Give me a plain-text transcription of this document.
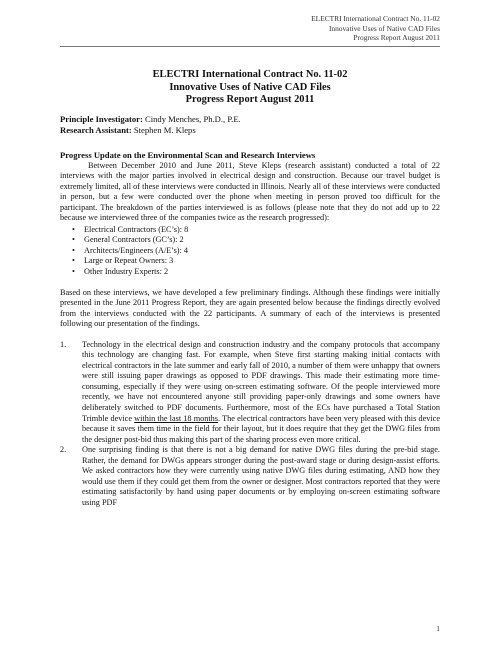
ELECTRI International Contract No. 11-02
Innovative Uses of Native CAD Files
Progress Report August 2011
ELECTRI International Contract No. 11-02
Innovative Uses of Native CAD Files
Progress Report August 2011
Principle Investigator: Cindy Menches, Ph.D., P.E.
Research Assistant: Stephen M. Kleps

Progress Update on the Environmental Scan and Research Interviews

Between December 2010 and June 2011, Steve Kleps (research assistant) conducted a total of 22 interviews with the major parties involved in electrical design and construction. Because our travel budget is extremely limited, all of these interviews were conducted in Illinois. Nearly all of these interviews were conducted in person, but a few were conducted over the phone when meeting in person proved too difficult for the participant. The breakdown of the parties interviewed is as follows (please note that they do not add up to 22 because we interviewed three of the companies twice as the research progressed):

• Electrical Contractors (EC’s): 8
• General Contractors (GC’s): 2
• Architects/Engineers (A/E’s): 4
• Large or Repeat Owners: 3
• Other Industry Experts: 2

Based on these interviews, we have developed a few preliminary findings. Although these findings were initially presented in the June 2011 Progress Report, they are again presented below because the findings directly evolved from the interviews conducted with the 22 participants. A summary of each of the interviews is presented following our presentation of the findings.

1. Technology in the electrical design and construction industry and the company protocols that accompany this technology are changing fast. For example, when Steve first starting making initial contacts with electrical contractors in the late summer and early fall of 2010, a number of them were unhappy that owners were still issuing paper drawings as opposed to PDF drawings. This made their estimating more time-consuming, especially if they were using on-screen estimating software. Of the people interviewed more recently, we have not encountered anyone still providing paper-only drawings and some owners have deliberately switched to PDF documents. Furthermore, most of the ECs have purchased a Total Station Trimble device within the last 18 months. The electrical contractors have been very pleased with this device because it saves them time in the field for their layout, but it does require that they get the DWG files from the designer post-bid thus making this part of the sharing process even more critical.
2. One surprising finding is that there is not a big demand for native DWG files during the pre-bid stage. Rather, the demand for DWGs appears stronger during the post-award stage or during design-assist efforts. We asked contractors how they were currently using native DWG files during estimating, AND how they would use them if they could get them from the owner or designer. Most contractors reported that they were estimating satisfactorily by hand using paper documents or by employing on-screen estimating software using PDF
1
